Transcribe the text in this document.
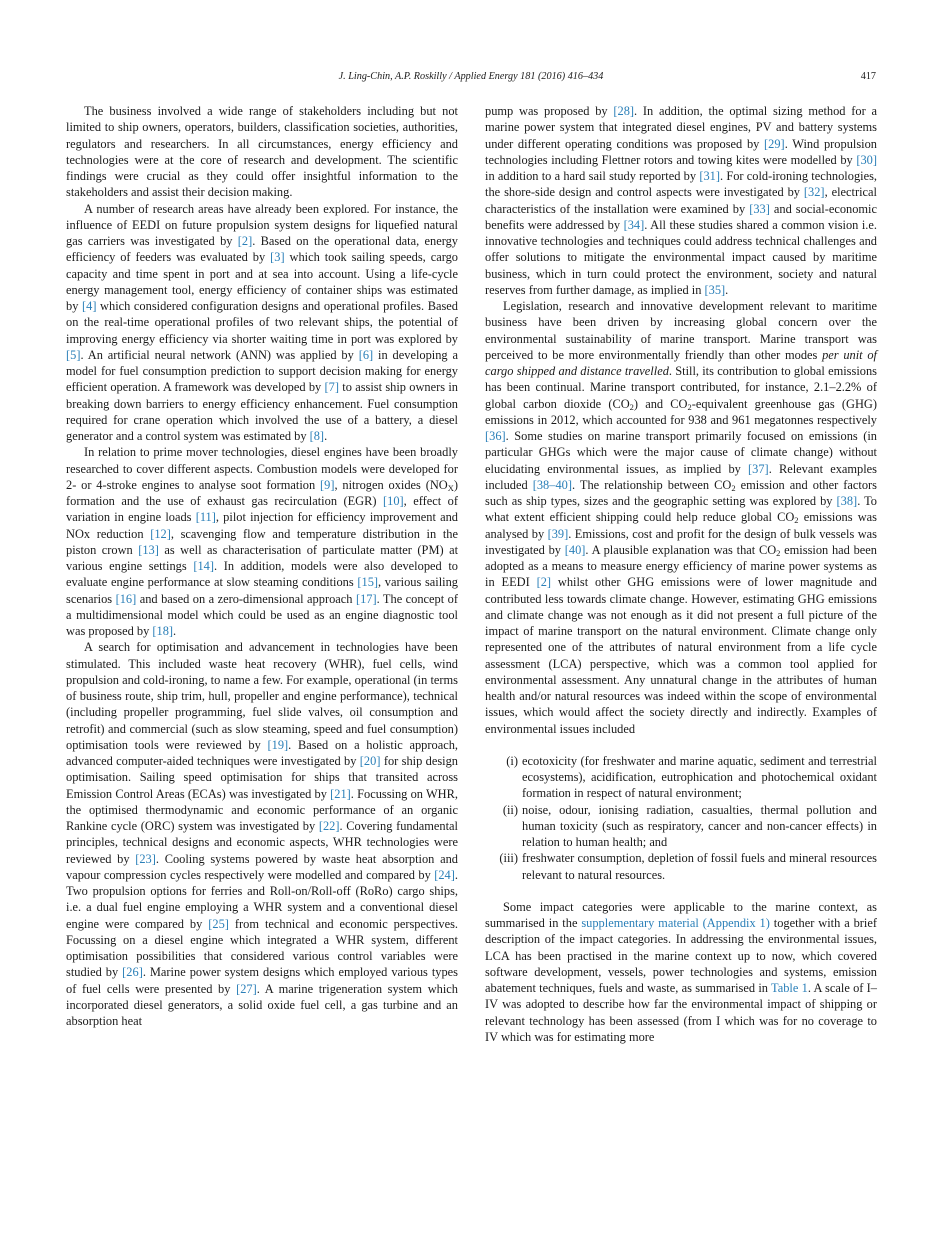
J. Ling-Chin, A.P. Roskilly / Applied Energy 181 (2016) 416–434	417

The business involved a wide range of stakeholders including but not limited to ship owners, operators, builders, classification societies, authorities, regulators and researchers. In all circumstances, energy efficiency and technologies were at the core of research and development. The scientific findings were crucial as they could offer insightful information to the stakeholders and assist their decision making.

A number of research areas have already been explored. For instance, the influence of EEDI on future propulsion system designs for liquefied natural gas carriers was investigated by [2]. Based on the operational data, energy efficiency of feeders was evaluated by [3] which took sailing speeds, cargo capacity and time spent in port and at sea into account. Using a life-cycle energy management tool, energy efficiency of container ships was estimated by [4] which considered configuration designs and operational profiles. Based on the real-time operational profiles of two relevant ships, the potential of improving energy efficiency via shorter waiting time in port was explored by [5]. An artificial neural network (ANN) was applied by [6] in developing a model for fuel consumption prediction to support decision making for energy efficient operation. A framework was developed by [7] to assist ship owners in breaking down barriers to energy efficiency enhancement. Fuel consumption required for crane operation which involved the use of a battery, a diesel generator and a control system was estimated by [8].

In relation to prime mover technologies, diesel engines have been broadly researched to cover different aspects. Combustion models were developed for 2- or 4-stroke engines to analyse soot formation [9], nitrogen oxides $(NO_X)$ formation and the use of exhaust gas recirculation (EGR) [10], effect of variation in engine loads [11], pilot injection for efficiency improvement and NOx reduction [12], scavenging flow and temperature distribution in the piston crown [13] as well as characterisation of particulate matter (PM) at various engine settings [14]. In addition, models were also developed to evaluate engine performance at slow steaming conditions [15], various sailing scenarios [16] and based on a zero-dimensional approach [17]. The concept of a multidimensional model which could be used as an engine diagnostic tool was proposed by [18].

A search for optimisation and advancement in technologies have been stimulated. This included waste heat recovery (WHR), fuel cells, wind propulsion and cold-ironing, to name a few. For example, operational (in terms of business route, ship trim, hull, propeller and engine performance), technical (including propeller programming, fuel slide valves, oil consumption and retrofit) and commercial (such as slow steaming, speed and fuel consumption) optimisation tools were reviewed by [19]. Based on a holistic approach, advanced computer-aided techniques were investigated by [20] for ship design optimisation. Sailing speed optimisation for ships that transited across Emission Control Areas (ECAs) was investigated by [21]. Focussing on WHR, the optimised thermodynamic and economic performance of an organic Rankine cycle (ORC) system was investigated by [22]. Covering fundamental principles, technical designs and economic aspects, WHR technologies were reviewed by [23]. Cooling systems powered by waste heat absorption and vapour compression cycles respectively were modelled and compared by [24]. Two propulsion options for ferries and Roll-on/Roll-off (RoRo) cargo ships, i.e. a dual fuel engine employing a WHR system and a conventional diesel engine were compared by [25] from technical and economic perspectives. Focussing on a diesel engine which integrated a WHR system, different optimisation possibilities that considered various control variables were studied by [26]. Marine power system designs which employed various types of fuel cells were presented by [27]. A marine trigeneration system which incorporated diesel generators, a solid oxide fuel cell, a gas turbine and an absorption heat

pump was proposed by [28]. In addition, the optimal sizing method for a marine power system that integrated diesel engines, PV and battery systems under different operating conditions was proposed by [29]. Wind propulsion technologies including Flettner rotors and towing kites were modelled by [30] in addition to a hard sail study reported by [31]. For cold-ironing technologies, the shore-side design and control aspects were investigated by [32], electrical characteristics of the installation were examined by [33] and social-economic benefits were addressed by [34]. All these studies shared a common vision i.e. innovative technologies and techniques could address technical challenges and offer solutions to mitigate the environmental impact caused by maritime business, which in turn could protect the environment, society and natural reserves from further damage, as implied in [35].

Legislation, research and innovative development relevant to maritime business have been driven by increasing global concern over the environmental sustainability of marine transport. Marine transport was perceived to be more environmentally friendly than other modes per unit of cargo shipped and distance travelled. Still, its contribution to global emissions has been continual. Marine transport contributed, for instance, 2.1–2.2% of global carbon dioxide $(CO_2)$ and $CO_2$-equivalent greenhouse gas (GHG) emissions in 2012, which accounted for 938 and 961 megatonnes respectively [36]. Some studies on marine transport primarily focused on emissions (in particular GHGs which were the major cause of climate change) without elucidating environmental issues, as implied by [37]. Relevant examples included [38–40]. The relationship between $CO_2$ emission and other factors such as ship types, sizes and the geographic setting was explored by [38]. To what extent efficient shipping could help reduce global $CO_2$ emissions was analysed by [39]. Emissions, cost and profit for the design of bulk vessels was investigated by [40]. A plausible explanation was that $CO_2$ emission had been adopted as a means to measure energy efficiency of marine power systems as in EEDI [2] whilst other GHG emissions were of lower magnitude and contributed less towards climate change. However, estimating GHG emissions and climate change was not enough as it did not present a full picture of the impact of marine transport on the natural environment. Climate change only represented one of the attributes of natural environment from a life cycle assessment (LCA) perspective, which was a common tool applied for environmental assessment. Any unnatural change in the attributes of human health and/or natural resources was indeed within the scope of environmental issues, which would affect the society directly and indirectly. Examples of environmental issues included

(i) ecotoxicity (for freshwater and marine aquatic, sediment and terrestrial ecosystems), acidification, eutrophication and photochemical oxidant formation in respect of natural environment;
(ii) noise, odour, ionising radiation, casualties, thermal pollution and human toxicity (such as respiratory, cancer and non-cancer effects) in relation to human health; and
(iii) freshwater consumption, depletion of fossil fuels and mineral resources relevant to natural resources.

Some impact categories were applicable to the marine context, as summarised in the supplementary material (Appendix 1) together with a brief description of the impact categories. In addressing the environmental issues, LCA has been practised in the marine context up to now, which covered software development, vessels, power technologies and systems, emission abatement techniques, fuels and waste, as summarised in Table 1. A scale of I–IV was adopted to describe how far the environmental impact of shipping or relevant technology has been assessed (from I which was for no coverage to IV which was for estimating more
